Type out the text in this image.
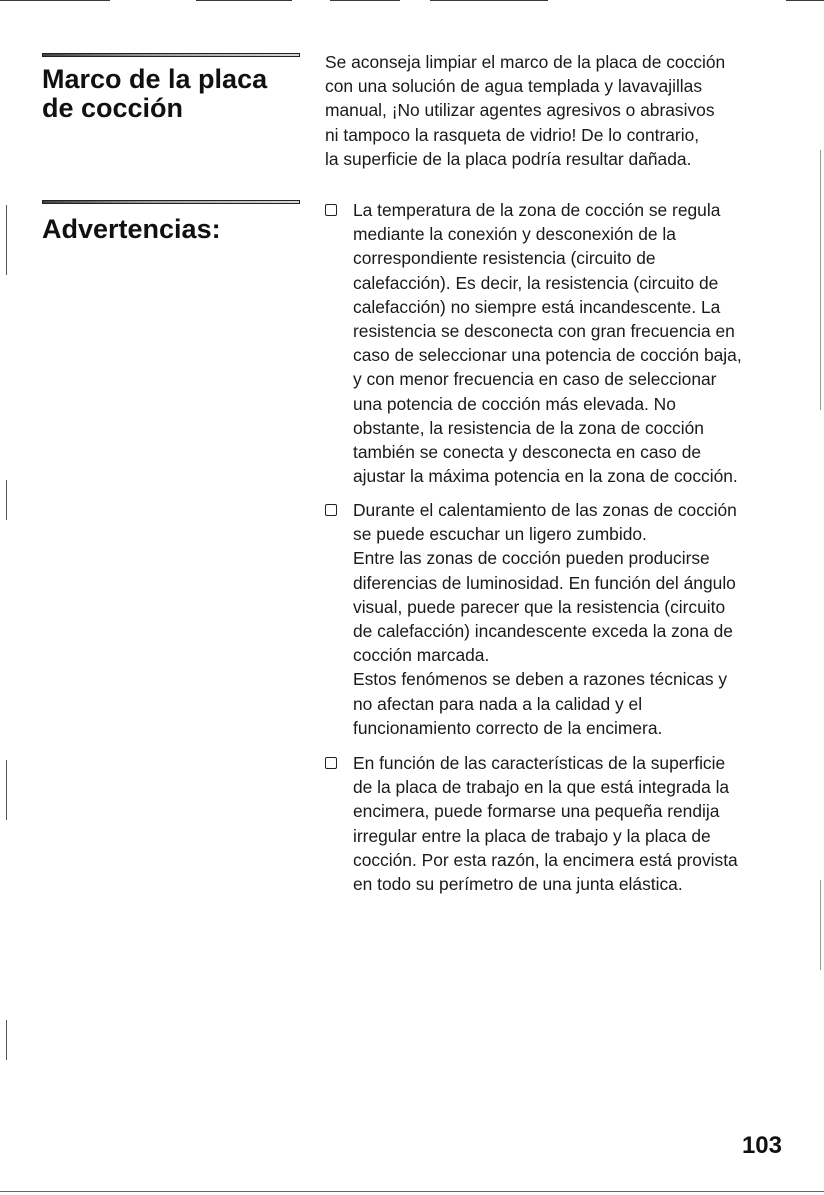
Marco de la placa
de cocción

Se aconseja limpiar el marco de la placa de cocción
con una solución de agua templada y lavavajillas
manual, ¡No utilizar agentes agresivos o abrasivos
ni tampoco la rasqueta de vidrio! De lo contrario,
la superficie de la placa podría resultar dañada.

Advertencias:
La temperatura de la zona de cocción se regula
mediante la conexión y desconexión de la
correspondiente resistencia (circuito de
calefacción). Es decir, la resistencia (circuito de
calefacción) no siempre está incandescente. La
resistencia se desconecta con gran frecuencia en
caso de seleccionar una potencia de cocción baja,
y con menor frecuencia en caso de seleccionar
una potencia de cocción más elevada. No
obstante, la resistencia de la zona de cocción
también se conecta y desconecta en caso de
ajustar la máxima potencia en la zona de cocción.
Durante el calentamiento de las zonas de cocción
se puede escuchar un ligero zumbido.
Entre las zonas de cocción pueden producirse
diferencias de luminosidad. En función del ángulo
visual, puede parecer que la resistencia (circuito
de calefacción) incandescente exceda la zona de
cocción marcada.
Estos fenómenos se deben a razones técnicas y
no afectan para nada a la calidad y el
funcionamiento correcto de la encimera.
En función de las características de la superficie
de la placa de trabajo en la que está integrada la
encimera, puede formarse una pequeña rendija
irregular entre la placa de trabajo y la placa de
cocción. Por esta razón, la encimera está provista
en todo su perímetro de una junta elástica.
103
